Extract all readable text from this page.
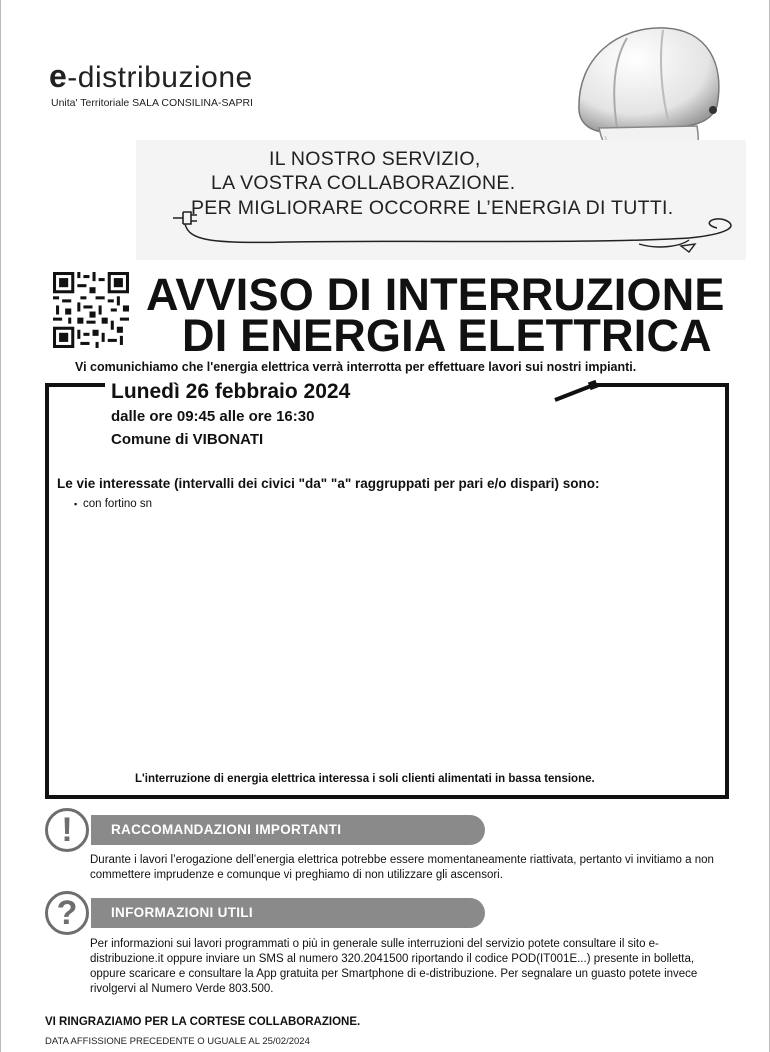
e-distribuzione
Unita' Territoriale SALA CONSILINA-SAPRI
IL NOSTRO SERVIZIO,
LA VOSTRA COLLABORAZIONE.
PER MIGLIORARE OCCORRE L’ENERGIA DI TUTTI.
AVVISO DI INTERRUZIONE
DI ENERGIA ELETTRICA
Vi comunichiamo che l'energia elettrica verrà interrotta per effettuare lavori sui nostri impianti.
Lunedì 26 febbraio 2024
dalle ore 09:45 alle ore 16:30
Comune di VIBONATI
Le vie interessate (intervalli dei civici "da" "a" raggruppati per pari e/o dispari) sono:
▪ con fortino sn
L'interruzione di energia elettrica interessa i soli clienti alimentati in bassa tensione.
RACCOMANDAZIONI IMPORTANTI
!
Durante i lavori l’erogazione dell’energia elettrica potrebbe essere momentaneamente riattivata, pertanto vi invitiamo a non commettere imprudenze e comunque vi preghiamo di non utilizzare gli ascensori.
INFORMAZIONI UTILI
?
Per informazioni sui lavori programmati o più in generale sulle interruzioni del servizio potete consultare il sito e-distribuzione.it oppure inviare un SMS al numero 320.2041500 riportando il codice POD(IT001E...) presente in bolletta, oppure scaricare e consultare la App gratuita per Smartphone di e-distribuzione. Per segnalare un guasto potete invece rivolgervi al Numero Verde 803.500.
VI RINGRAZIAMO PER LA CORTESE COLLABORAZIONE.
DATA AFFISSIONE PRECEDENTE O UGUALE AL 25/02/2024
